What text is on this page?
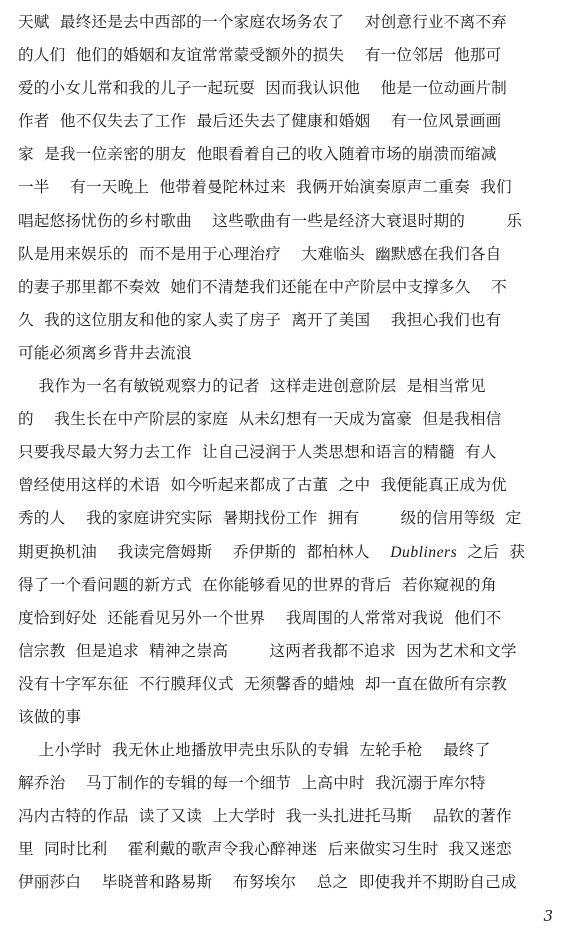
天赋  最终还是去中西部的一个家庭农场务农了    对创意行业不离不弃
的人们  他们的婚姻和友谊常常蒙受额外的损失    有一位邻居  他那可
爱的小女儿常和我的儿子一起玩耍  因而我认识他    他是一位动画片制
作者  他不仅失去了工作  最后还失去了健康和婚姻    有一位风景画画
家  是我一位亲密的朋友  他眼看着自己的收入随着市场的崩溃而缩减
一半    有一天晚上  他带着曼陀林过来  我俩开始演奏原声二重奏  我们
唱起悠扬忧伤的乡村歌曲    这些歌曲有一些是经济大衰退时期的        乐
队是用来娱乐的  而不是用于心理治疗    大难临头  幽默感在我们各自
的妻子那里都不奏效  她们不清楚我们还能在中产阶层中支撑多久    不
久  我的这位朋友和他的家人卖了房子  离开了美国    我担心我们也有
可能必须离乡背井去流浪
我作为一名有敏锐观察力的记者  这样走进创意阶层  是相当常见
的    我生长在中产阶层的家庭  从未幻想有一天成为富豪  但是我相信
只要我尽最大努力去工作  让自己浸润于人类思想和语言的精髓  有人
曾经使用这样的术语  如今听起来都成了古董  之中  我便能真正成为优
秀的人    我的家庭讲究实际  暑期找份工作  拥有        级的信用等级  定
期更换机油    我读完詹姆斯    乔伊斯的  都柏林人    Dubliners  之后  获
得了一个看问题的新方式  在你能够看见的世界的背后  若你窥视的角
度恰到好处  还能看见另外一个世界    我周围的人常常对我说  他们不
信宗教  但是追求  精神之崇高        这两者我都不追求  因为艺术和文学
没有十字军东征  不行膜拜仪式  无须馨香的蜡烛  却一直在做所有宗教
该做的事
上小学时  我无休止地播放甲壳虫乐队的专辑  左轮手枪    最终了
解乔治    马丁制作的专辑的每一个细节  上高中时  我沉溺于库尔特
冯内古特的作品  读了又读  上大学时  我一头扎进托马斯    品钦的著作
里  同时比利    霍利戴的歌声令我心醉神迷  后来做实习生时  我又迷恋
伊丽莎白    毕晓普和路易斯    布努埃尔    总之  即使我并不期盼自己成
3
